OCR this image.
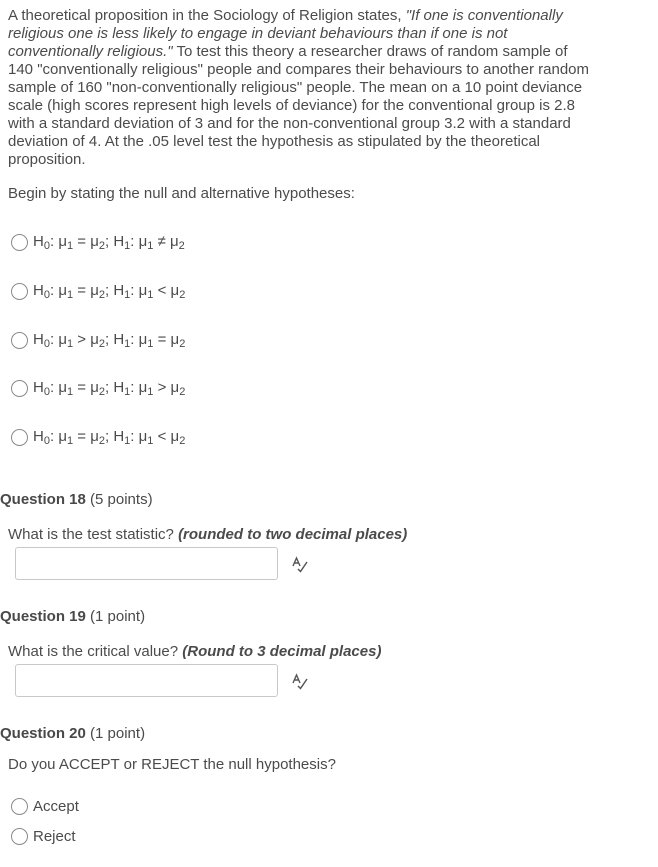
A theoretical proposition in the Sociology of Religion states, "If one is conventionally religious one is less likely to engage in deviant behaviours than if one is not conventionally religious." To test this theory a researcher draws of random sample of 140 "conventionally religious" people and compares their behaviours to another random sample of 160 "non-conventionally religious" people. The mean on a 10 point deviance scale (high scores represent high levels of deviance) for the conventional group is 2.8 with a standard deviation of 3 and for the non-conventional group 3.2 with a standard deviation of 4. At the .05 level test the hypothesis as stipulated by the theoretical proposition.
Begin by stating the null and alternative hypotheses:
$H_0$: $\mu_1 = \mu_2$; $H_1$: $\mu_1 \ne \mu_2$
$H_0$: $\mu_1 = \mu_2$; $H_1$: $\mu_1 < \mu_2$
$H_0$: $\mu_1 > \mu_2$; $H_1$: $\mu_1 = \mu_2$
$H_0$: $\mu_1 = \mu_2$; $H_1$: $\mu_1 > \mu_2$
$H_0$: $\mu_1 = \mu_2$; $H_1$: $\mu_1 < \mu_2$
Question 18 (5 points)
What is the test statistic? (rounded to two decimal places)
Question 19 (1 point)
What is the critical value? (Round to 3 decimal places)
Question 20 (1 point)
Do you ACCEPT or REJECT the null hypothesis?
Accept
Reject
